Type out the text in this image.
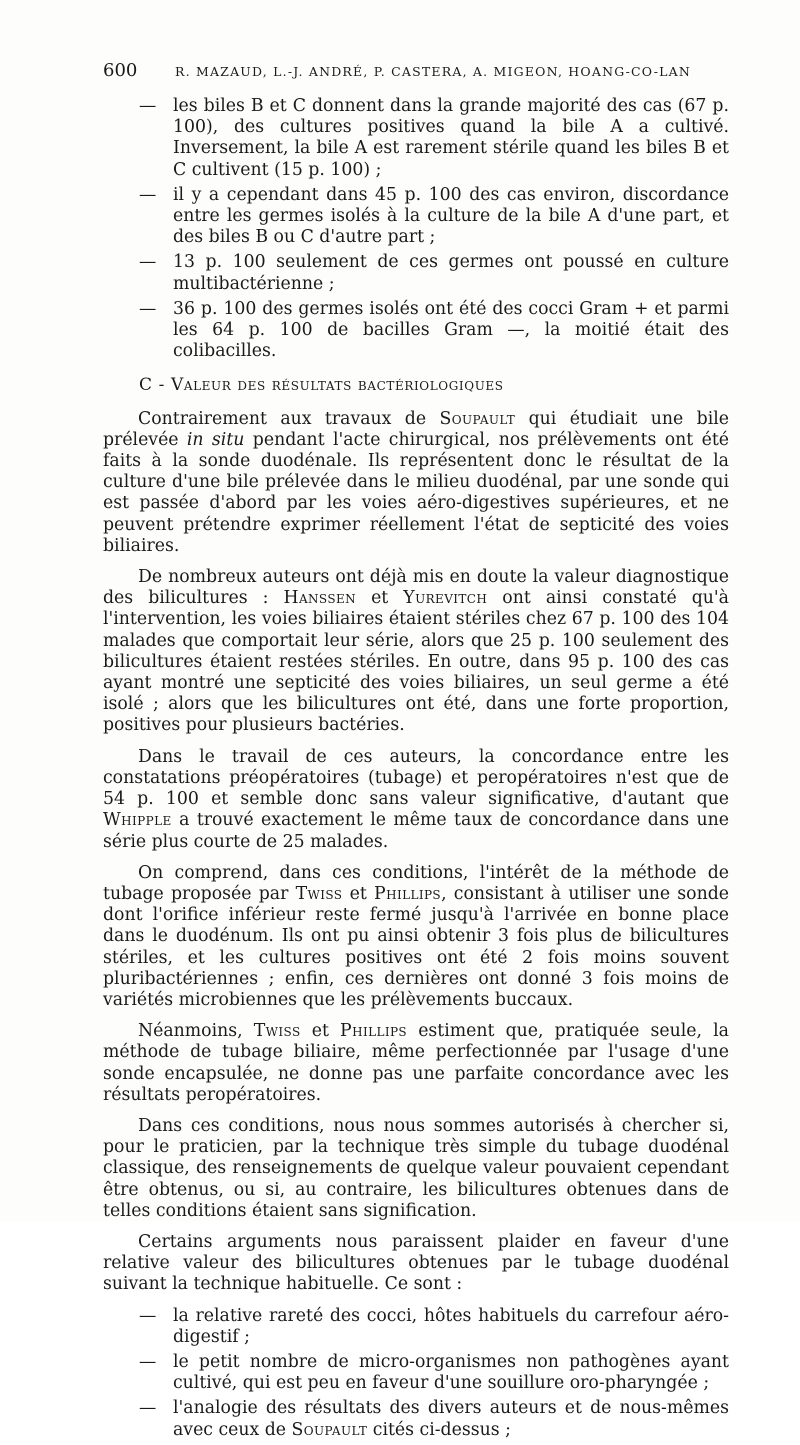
600	R. MAZAUD, L.-J. ANDRÉ, P. CASTERA, A. MIGEON, HOANG-CO-LAN
— les biles B et C donnent dans la grande majorité des cas (67 p. 100), des cultures positives quand la bile A a cultivé. Inversement, la bile A est rarement stérile quand les biles B et C cultivent (15 p. 100) ;
— il y a cependant dans 45 p. 100 des cas environ, discordance entre les germes isolés à la culture de la bile A d'une part, et des biles B ou C d'autre part ;
— 13 p. 100 seulement de ces germes ont poussé en culture multibactérienne ;
— 36 p. 100 des germes isolés ont été des cocci Gram + et parmi les 64 p. 100 de bacilles Gram —, la moitié était des colibacilles.
C - Valeur des résultats bactériologiques

Contrairement aux travaux de Soupault qui étudiait une bile prélevée in situ pendant l'acte chirurgical, nos prélèvements ont été faits à la sonde duodénale. Ils représentent donc le résultat de la culture d'une bile prélevée dans le milieu duodénal, par une sonde qui est passée d'abord par les voies aéro-digestives supérieures, et ne peuvent prétendre exprimer réellement l'état de septicité des voies biliaires.

De nombreux auteurs ont déjà mis en doute la valeur diagnostique des bilicultures : Hanssen et Yurevitch ont ainsi constaté qu'à l'intervention, les voies biliaires étaient stériles chez 67 p. 100 des 104 malades que comportait leur série, alors que 25 p. 100 seulement des bilicultures étaient restées stériles. En outre, dans 95 p. 100 des cas ayant montré une septicité des voies biliaires, un seul germe a été isolé ; alors que les bilicultures ont été, dans une forte proportion, positives pour plusieurs bactéries.

Dans le travail de ces auteurs, la concordance entre les constatations préopératoires (tubage) et peropératoires n'est que de 54 p. 100 et semble donc sans valeur significative, d'autant que Whipple a trouvé exactement le même taux de concordance dans une série plus courte de 25 malades.

On comprend, dans ces conditions, l'intérêt de la méthode de tubage proposée par Twiss et Phillips, consistant à utiliser une sonde dont l'orifice inférieur reste fermé jusqu'à l'arrivée en bonne place dans le duodénum. Ils ont pu ainsi obtenir 3 fois plus de bilicultures stériles, et les cultures positives ont été 2 fois moins souvent pluribactériennes ; enfin, ces dernières ont donné 3 fois moins de variétés microbiennes que les prélèvements buccaux.

Néanmoins, Twiss et Phillips estiment que, pratiquée seule, la méthode de tubage biliaire, même perfectionnée par l'usage d'une sonde encapsulée, ne donne pas une parfaite concordance avec les résultats peropératoires.

Dans ces conditions, nous nous sommes autorisés à chercher si, pour le praticien, par la technique très simple du tubage duodénal classique, des renseignements de quelque valeur pouvaient cependant être obtenus, ou si, au contraire, les bilicultures obtenues dans de telles conditions étaient sans signification.

Certains arguments nous paraissent plaider en faveur d'une relative valeur des bilicultures obtenues par le tubage duodénal suivant la technique habituelle. Ce sont :

— la relative rareté des cocci, hôtes habituels du carrefour aéro-digestif ;
— le petit nombre de micro-organismes non pathogènes ayant cultivé, qui est peu en faveur d'une souillure oro-pharyngée ;
— l'analogie des résultats des divers auteurs et de nous-mêmes avec ceux de Soupault cités ci-dessus ;
